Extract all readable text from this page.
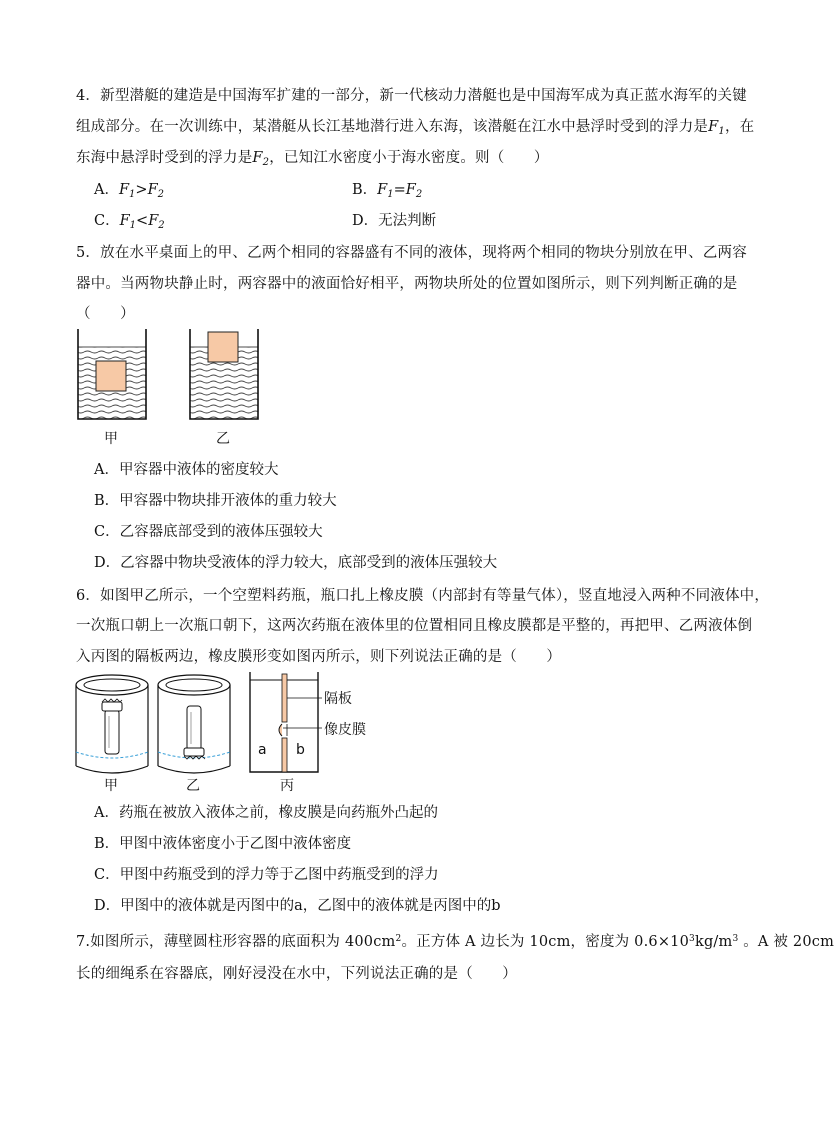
4．新型潜艇的建造是中国海军扩建的一部分，新一代核动力潜艇也是中国海军成为真正蓝水海军的关键
组成部分。在一次训练中，某潜艇从长江基地潜行进入东海，该潜艇在江水中悬浮时受到的浮力是$F_1$，在
东海中悬浮时受到的浮力是$F_2$，已知江水密度小于海水密度。则（　　）
A．$F_1>F_2$	B．$F_1=F_2$
C．$F_1<F_2$	D．无法判断
5．放在水平桌面上的甲、乙两个相同的容器盛有不同的液体，现将两个相同的物块分别放在甲、乙两容
器中。当两物块静止时，两容器中的液面恰好相平，两物块所处的位置如图所示，则下列判断正确的是
（　　）
甲	乙
A．甲容器中液体的密度较大
B．甲容器中物块排开液体的重力较大
C．乙容器底部受到的液体压强较大
D．乙容器中物块受液体的浮力较大，底部受到的液体压强较大
6．如图甲乙所示，一个空塑料药瓶，瓶口扎上橡皮膜（内部封有等量气体），竖直地浸入两种不同液体中，
一次瓶口朝上一次瓶口朝下，这两次药瓶在液体里的位置相同且橡皮膜都是平整的，再把甲、乙两液体倒
入丙图的隔板两边，橡皮膜形变如图丙所示，则下列说法正确的是（　　）
隔板
像皮膜
a b
甲	乙	丙
A．药瓶在被放入液体之前，橡皮膜是向药瓶外凸起的
B．甲图中液体密度小于乙图中液体密度
C．甲图中药瓶受到的浮力等于乙图中药瓶受到的浮力
D．甲图中的液体就是丙图中的a，乙图中的液体就是丙图中的b
7.如图所示，薄壁圆柱形容器的底面积为 $400cm^2$。正方体 A 边长为 10cm，密度为 $0.6\times 10^3kg/m^3$ 。A 被 20cm
长的细绳系在容器底，刚好浸没在水中，下列说法正确的是（　　）
